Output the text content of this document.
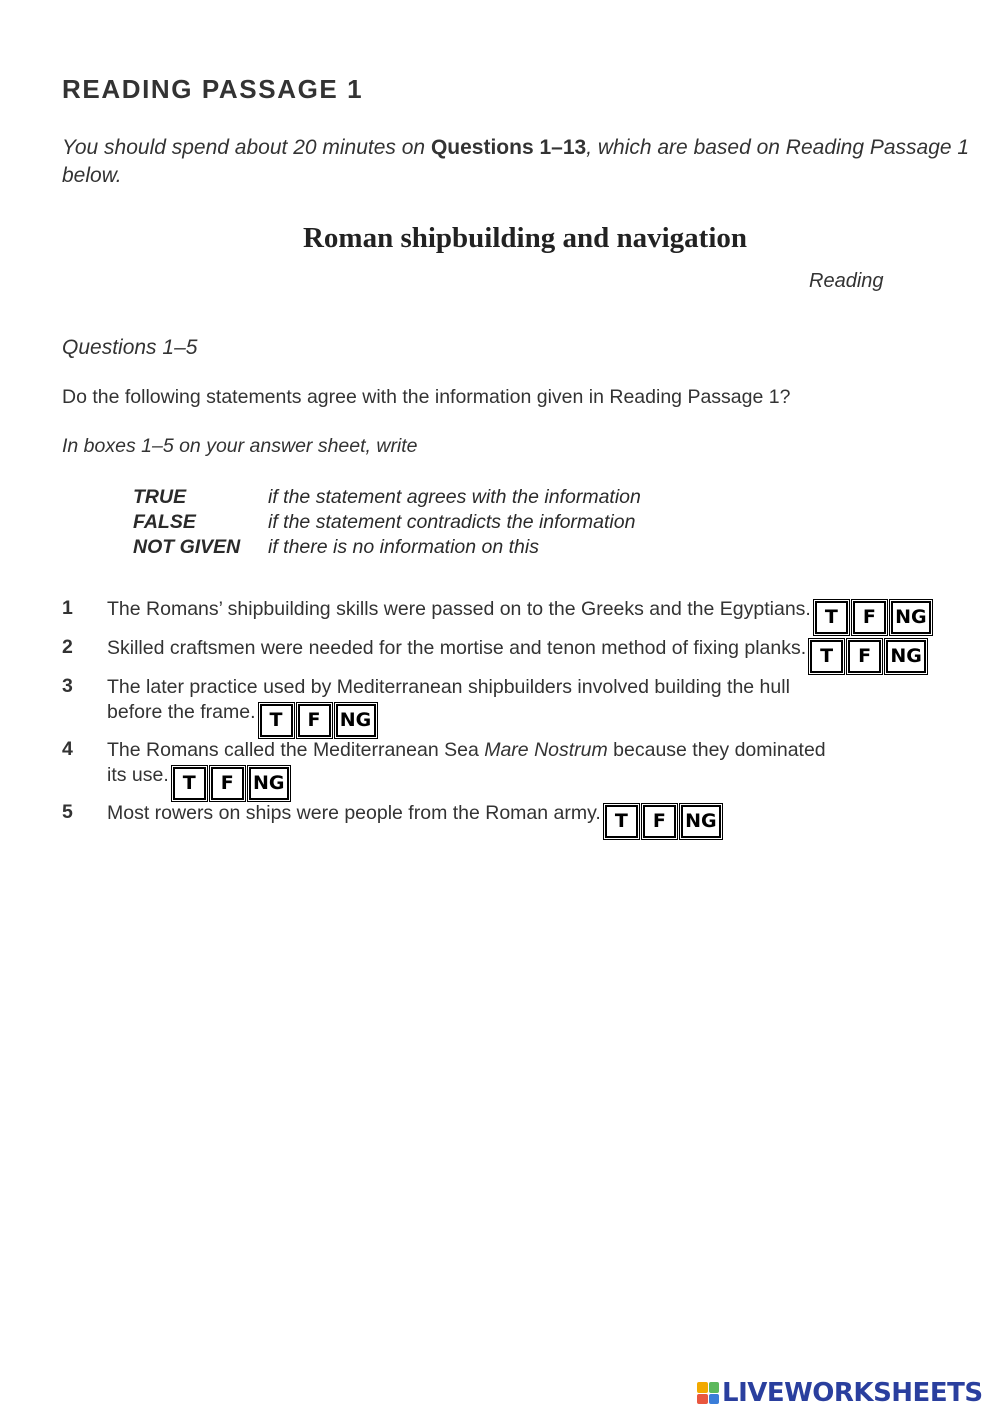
READING PASSAGE 1
You should spend about 20 minutes on Questions 1–13, which are based on Reading Passage 1 below.
Roman shipbuilding and navigation
Reading
Questions 1–5
Do the following statements agree with the information given in Reading Passage 1?
In boxes 1–5 on your answer sheet, write
TRUE	if the statement agrees with the information
FALSE	if the statement contradicts the information
NOT GIVEN	if there is no information on this
1 The Romans’ shipbuilding skills were passed on to the Greeks and the Egyptians. T	F	NG
2 Skilled craftsmen were needed for the mortise and tenon method of fixing planks. T	F	NG
3 The later practice used by Mediterranean shipbuilders involved building the hull
before the frame. T	F	NG
4 The Romans called the Mediterranean Sea Mare Nostrum because they dominated
its use. T	F	NG
5 Most rowers on ships were people from the Roman army. T	F	NG
LIVEWORKSHEETS
